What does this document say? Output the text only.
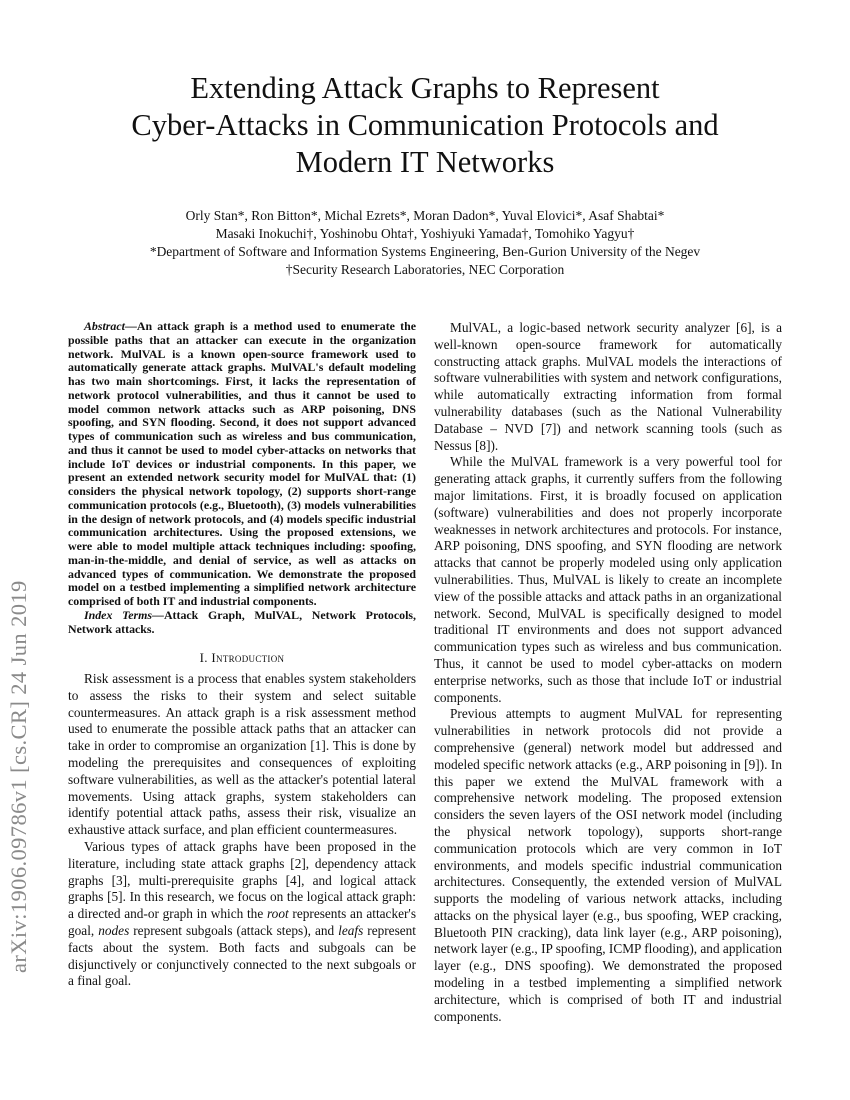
Extending Attack Graphs to Represent
Cyber-Attacks in Communication Protocols and
Modern IT Networks
Orly Stan*, Ron Bitton*, Michal Ezrets*, Moran Dadon*, Yuval Elovici*, Asaf Shabtai*
Masaki Inokuchi†, Yoshinobu Ohta†, Yoshiyuki Yamada†, Tomohiko Yagyu†
*Department of Software and Information Systems Engineering, Ben-Gurion University of the Negev
†Security Research Laboratories, NEC Corporation
arXiv:1906.09786v1 [cs.CR] 24 Jun 2019

Abstract—An attack graph is a method used to enumerate the possible paths that an attacker can execute in the organization network. MulVAL is a known open-source framework used to automatically generate attack graphs. MulVAL's default modeling has two main shortcomings. First, it lacks the representation of network protocol vulnerabilities, and thus it cannot be used to model common network attacks such as ARP poisoning, DNS spoofing, and SYN flooding. Second, it does not support advanced types of communication such as wireless and bus communication, and thus it cannot be used to model cyber-attacks on networks that include IoT devices or industrial components. In this paper, we present an extended network security model for MulVAL that: (1) considers the physical network topology, (2) supports short-range communication protocols (e.g., Bluetooth), (3) models vulnerabilities in the design of network protocols, and (4) models specific industrial communication architectures. Using the proposed extensions, we were able to model multiple attack techniques including: spoofing, man-in-the-middle, and denial of service, as well as attacks on advanced types of communication. We demonstrate the proposed model on a testbed implementing a simplified network architecture comprised of both IT and industrial components.

Index Terms—Attack Graph, MulVAL, Network Protocols, Network attacks.

I. Introduction

Risk assessment is a process that enables system stakeholders to assess the risks to their system and select suitable countermeasures. An attack graph is a risk assessment method used to enumerate the possible attack paths that an attacker can take in order to compromise an organization [1]. This is done by modeling the prerequisites and consequences of exploiting software vulnerabilities, as well as the attacker's potential lateral movements. Using attack graphs, system stakeholders can identify potential attack paths, assess their risk, visualize an exhaustive attack surface, and plan efficient countermeasures.

Various types of attack graphs have been proposed in the literature, including state attack graphs [2], dependency attack graphs [3], multi-prerequisite graphs [4], and logical attack graphs [5]. In this research, we focus on the logical attack graph: a directed and-or graph in which the root represents an attacker's goal, nodes represent subgoals (attack steps), and leafs represent facts about the system. Both facts and subgoals can be disjunctively or conjunctively connected to the next subgoals or a final goal.

MulVAL, a logic-based network security analyzer [6], is a well-known open-source framework for automatically constructing attack graphs. MulVAL models the interactions of software vulnerabilities with system and network configurations, while automatically extracting information from formal vulnerability databases (such as the National Vulnerability Database – NVD [7]) and network scanning tools (such as Nessus [8]).

While the MulVAL framework is a very powerful tool for generating attack graphs, it currently suffers from the following major limitations. First, it is broadly focused on application (software) vulnerabilities and does not properly incorporate weaknesses in network architectures and protocols. For instance, ARP poisoning, DNS spoofing, and SYN flooding are network attacks that cannot be properly modeled using only application vulnerabilities. Thus, MulVAL is likely to create an incomplete view of the possible attacks and attack paths in an organizational network. Second, MulVAL is specifically designed to model traditional IT environments and does not support advanced communication types such as wireless and bus communication. Thus, it cannot be used to model cyber-attacks on modern enterprise networks, such as those that include IoT or industrial components.

Previous attempts to augment MulVAL for representing vulnerabilities in network protocols did not provide a comprehensive (general) network model but addressed and modeled specific network attacks (e.g., ARP poisoning in [9]). In this paper we extend the MulVAL framework with a comprehensive network modeling. The proposed extension considers the seven layers of the OSI network model (including the physical network topology), supports short-range communication protocols which are very common in IoT environments, and models specific industrial communication architectures. Consequently, the extended version of MulVAL supports the modeling of various network attacks, including attacks on the physical layer (e.g., bus spoofing, WEP cracking, Bluetooth PIN cracking), data link layer (e.g., ARP poisoning), network layer (e.g., IP spoofing, ICMP flooding), and application layer (e.g., DNS spoofing). We demonstrated the proposed modeling in a testbed implementing a simplified network architecture, which is comprised of both IT and industrial components.
